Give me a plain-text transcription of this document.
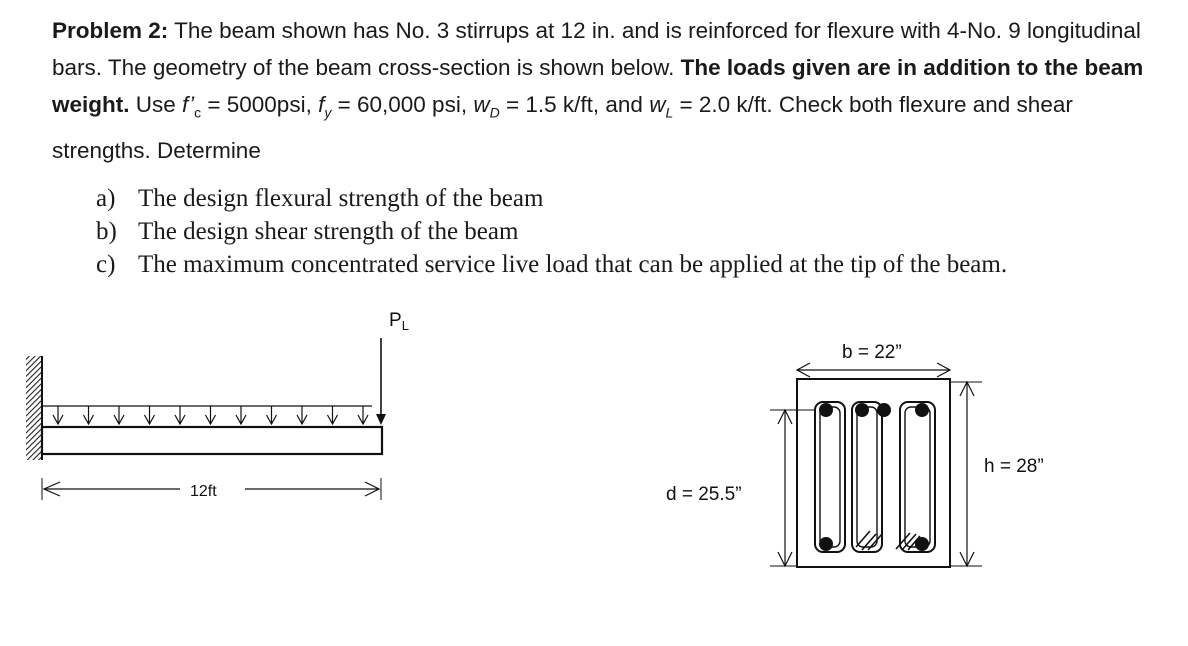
Problem 2: The beam shown has No. 3 stirrups at 12 in. and is reinforced for flexure with 4-No. 9 longitudinal bars. The geometry of the beam cross-section is shown below. The loads given are in addition to the beam weight. Use $f’_c = 5000psi$, $f_y = 60,000$ psi, $w_D = 1.5$ k/ft, and $w_L = 2.0$ k/ft. Check both flexure and shear strengths. Determine

a) The design flexural strength of the beam
b) The design shear strength of the beam
c) The maximum concentrated service live load that can be applied at the tip of the beam.
$P_L$
12ft
b = 22”
h = 28”
d = 25.5”
